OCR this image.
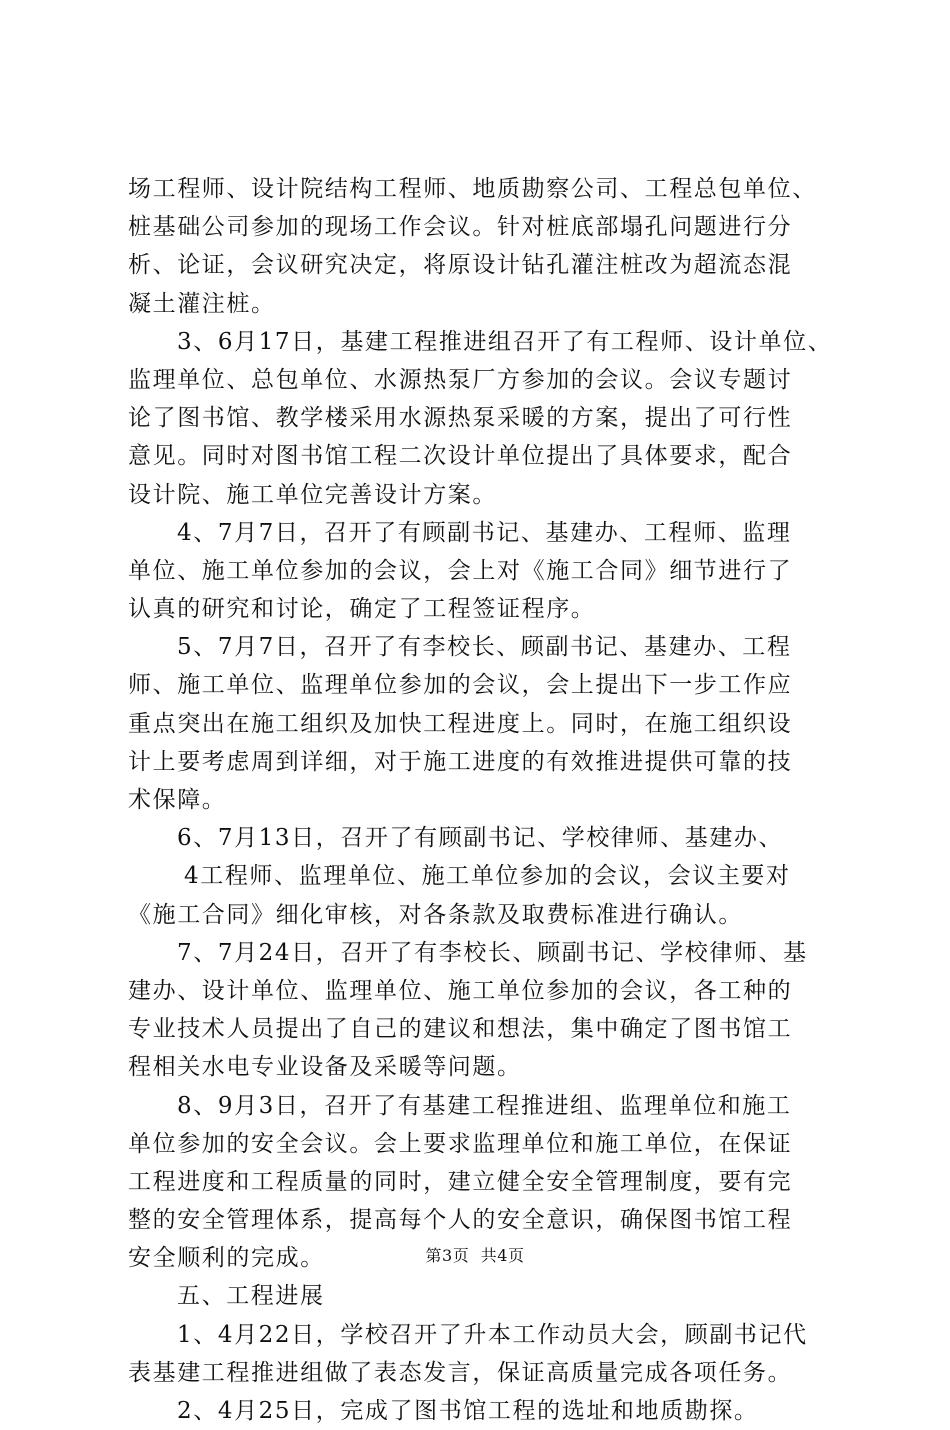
场工程师、设计院结构工程师、地质勘察公司、工程总包单位、
桩基础公司参加的现场工作会议。针对桩底部塌孔问题进行分
析、论证，会议研究决定，将原设计钻孔灌注桩改为超流态混
凝土灌注桩。
3、6月17日，基建工程推进组召开了有工程师、设计单位、
监理单位、总包单位、水源热泵厂方参加的会议。会议专题讨
论了图书馆、教学楼采用水源热泵采暖的方案，提出了可行性
意见。同时对图书馆工程二次设计单位提出了具体要求，配合
设计院、施工单位完善设计方案。
4、7月7日，召开了有顾副书记、基建办、工程师、监理
单位、施工单位参加的会议，会上对《施工合同》细节进行了
认真的研究和讨论，确定了工程签证程序。
5、7月7日，召开了有李校长、顾副书记、基建办、工程
师、施工单位、监理单位参加的会议，会上提出下一步工作应
重点突出在施工组织及加快工程进度上。同时，在施工组织设
计上要考虑周到详细，对于施工进度的有效推进提供可靠的技
术保障。
6、7月13日，召开了有顾副书记、学校律师、基建办、
4工程师、监理单位、施工单位参加的会议，会议主要对
《施工合同》细化审核，对各条款及取费标准进行确认。
7、7月24日，召开了有李校长、顾副书记、学校律师、基
建办、设计单位、监理单位、施工单位参加的会议，各工种的
专业技术人员提出了自己的建议和想法，集中确定了图书馆工
程相关水电专业设备及采暖等问题。
8、9月3日，召开了有基建工程推进组、监理单位和施工
单位参加的安全会议。会上要求监理单位和施工单位，在保证
工程进度和工程质量的同时，建立健全安全管理制度，要有完
整的安全管理体系，提高每个人的安全意识，确保图书馆工程
安全顺利的完成。
五、工程进展
1、4月22日，学校召开了升本工作动员大会，顾副书记代
表基建工程推进组做了表态发言，保证高质量完成各项任务。
2、4月25日，完成了图书馆工程的选址和地质勘探。
第3页 共4页
